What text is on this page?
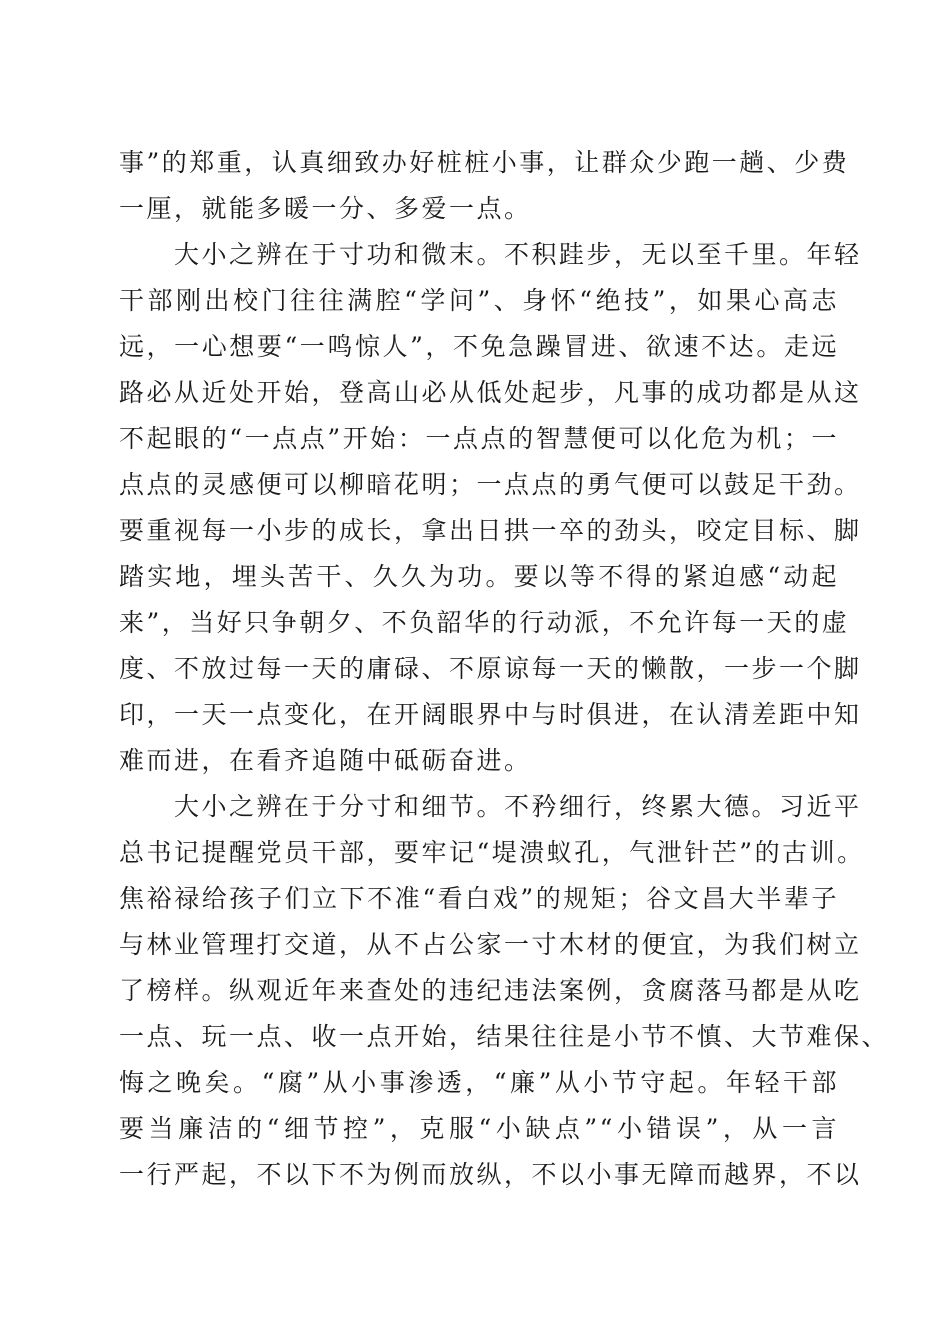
事”的郑重，认真细致办好桩桩小事，让群众少跑一趟、少费
一厘，就能多暖一分、多爱一点。
大小之辨在于寸功和微末。不积跬步，无以至千里。年轻
干部刚出校门往往满腔“学问”、身怀“绝技”，如果心高志
远，一心想要“一鸣惊人”，不免急躁冒进、欲速不达。走远
路必从近处开始，登高山必从低处起步，凡事的成功都是从这
不起眼的“一点点”开始：一点点的智慧便可以化危为机；一
点点的灵感便可以柳暗花明；一点点的勇气便可以鼓足干劲。
要重视每一小步的成长，拿出日拱一卒的劲头，咬定目标、脚
踏实地，埋头苦干、久久为功。要以等不得的紧迫感“动起
来”，当好只争朝夕、不负韶华的行动派，不允许每一天的虚
度、不放过每一天的庸碌、不原谅每一天的懒散，一步一个脚
印，一天一点变化，在开阔眼界中与时俱进，在认清差距中知
难而进，在看齐追随中砥砺奋进。
大小之辨在于分寸和细节。不矜细行，终累大德。习近平
总书记提醒党员干部，要牢记“堤溃蚁孔，气泄针芒”的古训。
焦裕禄给孩子们立下不准“看白戏”的规矩；谷文昌大半辈子
与林业管理打交道，从不占公家一寸木材的便宜，为我们树立
了榜样。纵观近年来查处的违纪违法案例，贪腐落马都是从吃
一点、玩一点、收一点开始，结果往往是小节不慎、大节难保、
悔之晚矣。“腐”从小事渗透，“廉”从小节守起。年轻干部
要当廉洁的“细节控”，克服“小缺点”“小错误”，从一言
一行严起，不以下不为例而放纵，不以小事无障而越界，不以
